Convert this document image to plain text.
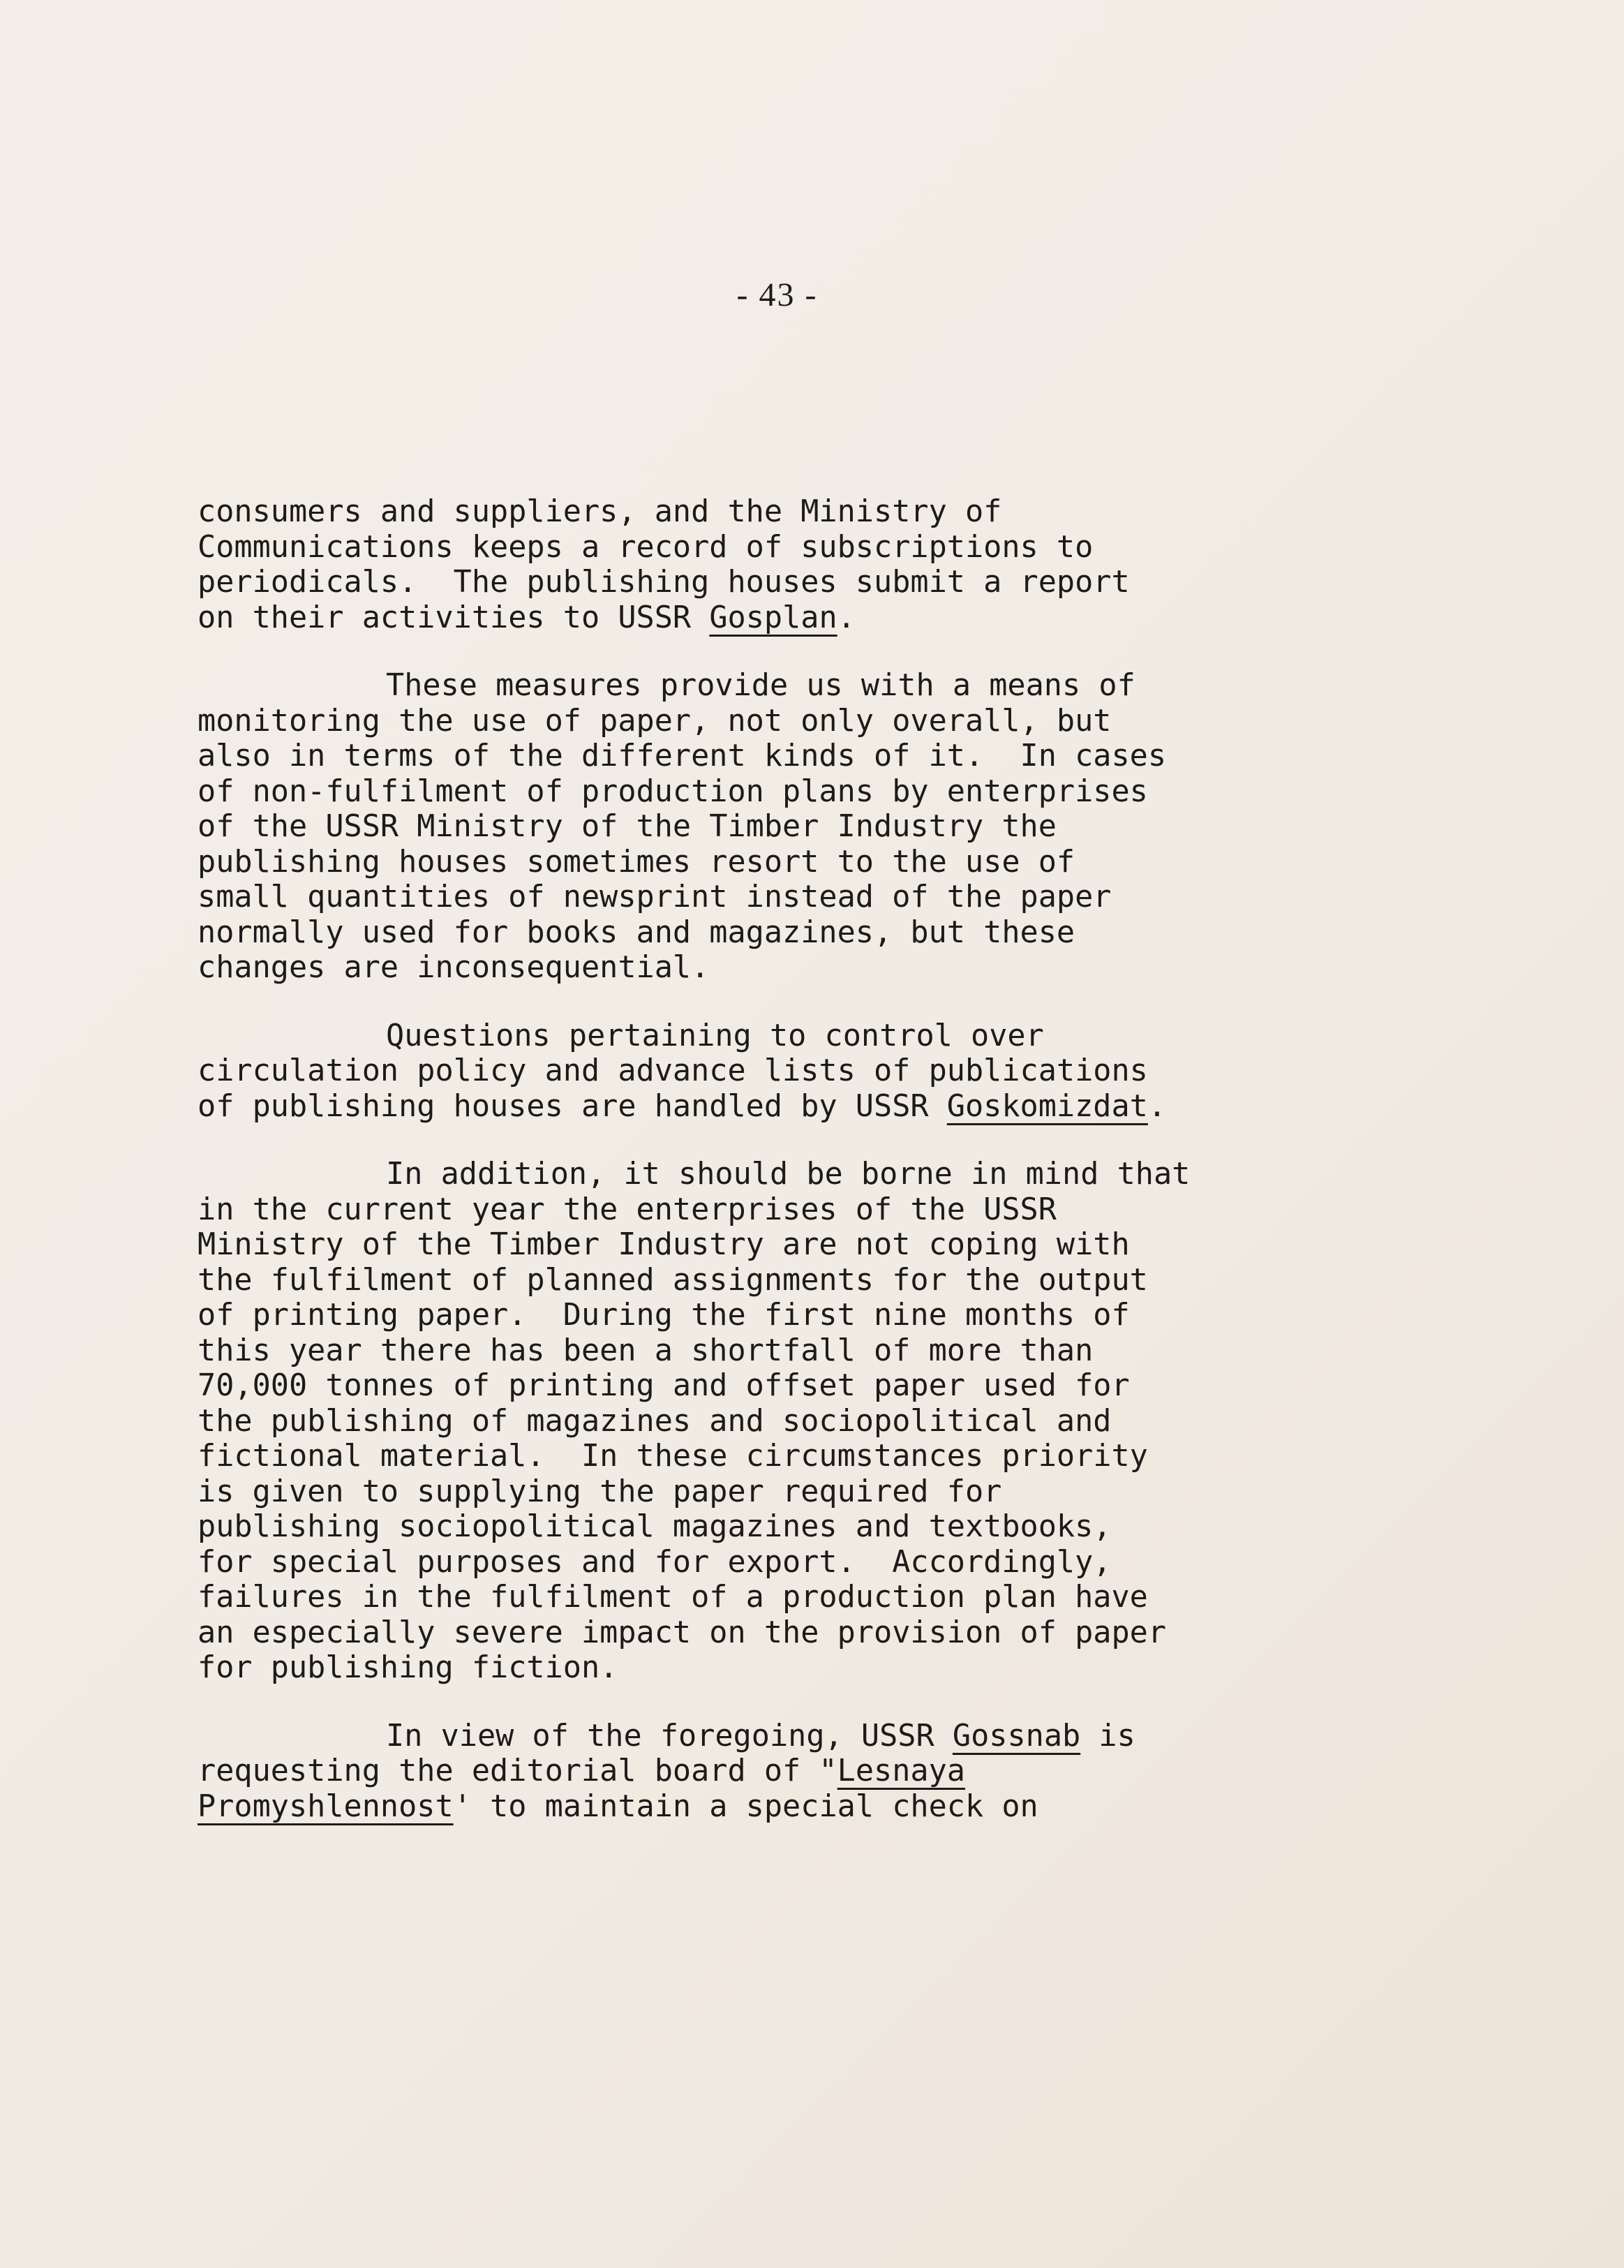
- 43 -
consumers and suppliers, and the Ministry of
Communications keeps a record of subscriptions to
periodicals.  The publishing houses submit a report
on their activities to USSR Gosplan.
These measures provide us with a means of
monitoring the use of paper, not only overall, but
also in terms of the different kinds of it.  In cases
of non-fulfilment of production plans by enterprises
of the USSR Ministry of the Timber Industry the
publishing houses sometimes resort to the use of
small quantities of newsprint instead of the paper
normally used for books and magazines, but these
changes are inconsequential.
Questions pertaining to control over
circulation policy and advance lists of publications
of publishing houses are handled by USSR Goskomizdat.
In addition, it should be borne in mind that
in the current year the enterprises of the USSR
Ministry of the Timber Industry are not coping with
the fulfilment of planned assignments for the output
of printing paper.  During the first nine months of
this year there has been a shortfall of more than
70,000 tonnes of printing and offset paper used for
the publishing of magazines and sociopolitical and
fictional material.  In these circumstances priority
is given to supplying the paper required for
publishing sociopolitical magazines and textbooks,
for special purposes and for export.  Accordingly,
failures in the fulfilment of a production plan have
an especially severe impact on the provision of paper
for publishing fiction.
In view of the foregoing, USSR Gossnab is
requesting the editorial board of "Lesnaya
Promyshlennost' to maintain a special check on
